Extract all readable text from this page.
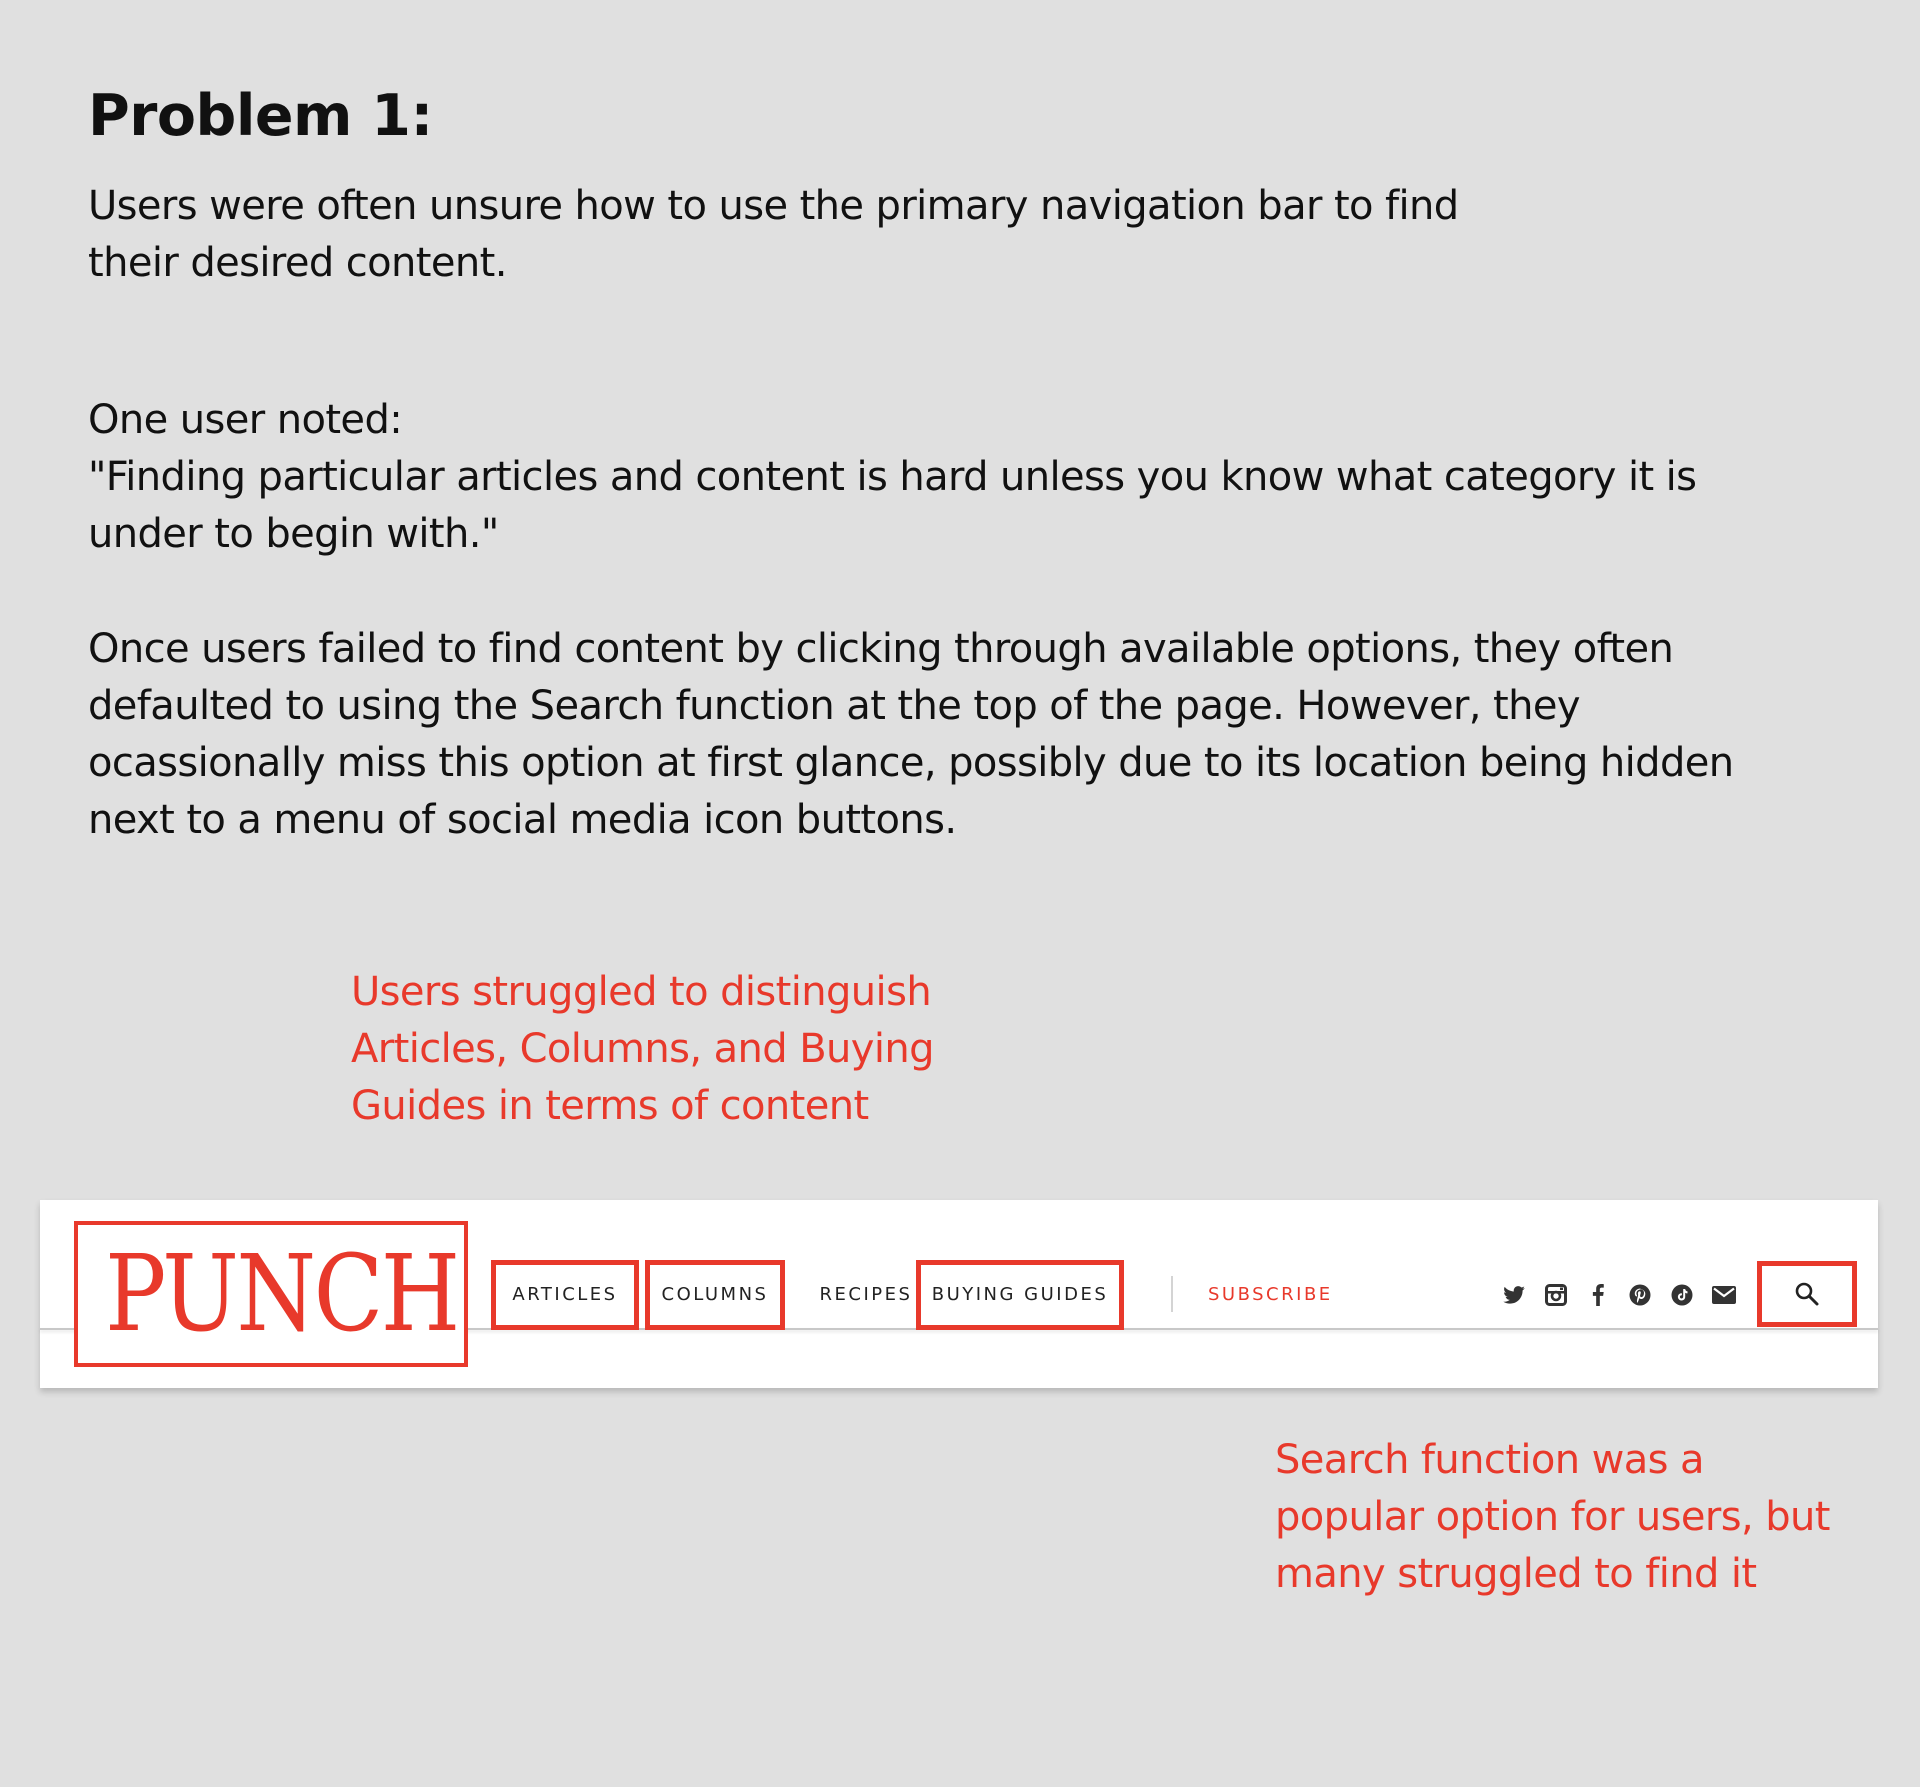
Problem 1:

Users were often unsure how to use the primary navigation bar to find
their desired content.

One user noted:
"Finding particular articles and content is hard unless you know what category it is
under to begin with."

Once users failed to find content by clicking through available options, they often
defaulted to using the Search function at the top of the page. However, they
ocassionally miss this option at first glance, possibly due to its location being hidden
next to a menu of social media icon buttons.

Users struggled to distinguish
Articles, Columns, and Buying
Guides in terms of content
PUNCH	ARTICLES	COLUMNS	RECIPES	BUYING GUIDES	SUBSCRIBE
Search function was a
popular option for users, but
many struggled to find it
